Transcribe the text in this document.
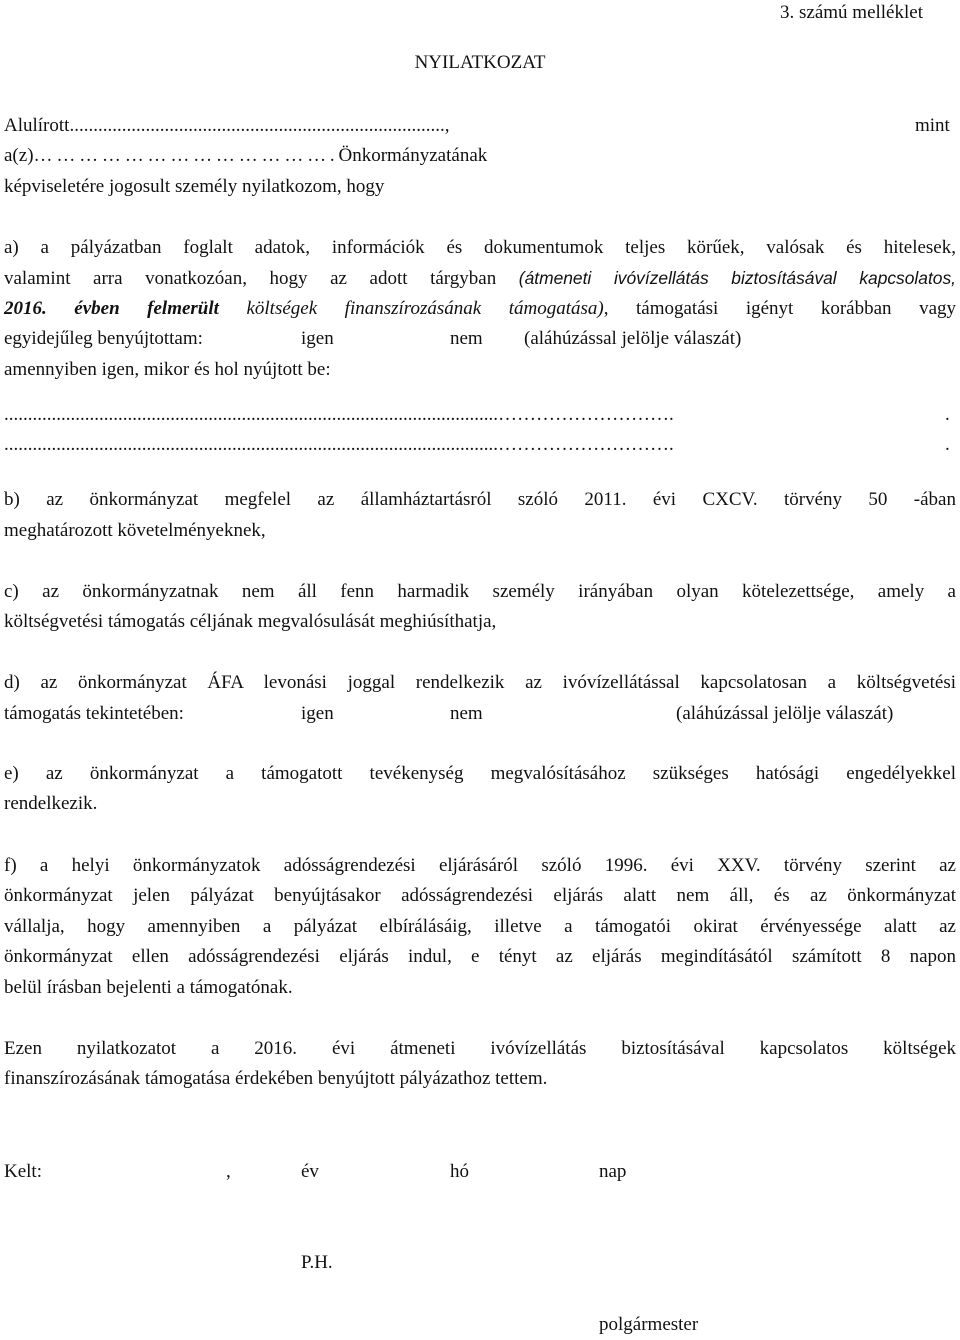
3. számú melléklet
NYILATKOZAT
Alulírott...............................................................................,	mint
a(z)………………………………….Önkormányzatának
képviseletére jogosult személy nyilatkozom, hogy
a) a pályázatban foglalt adatok, információk és dokumentumok teljes körűek, valósak és hitelesek,
valamint arra vonatkozóan, hogy az adott tárgyban (átmeneti ivóvízellátás biztosításával kapcsolatos,
2016. évben felmerült költségek finanszírozásának támogatása), támogatási igényt korábban vagy
egyidejűleg benyújtottam:	igen	nem (aláhúzással jelölje válaszát)
amennyiben igen, mikor és hol nyújtott be:
........................................................................................................……………………….	.
........................................................................................................……………………….	.
b) az önkormányzat megfelel az államháztartásról szóló 2011. évi CXCV. törvény 50 -ában
meghatározott követelményeknek,
c) az önkormányzatnak nem áll fenn harmadik személy irányában olyan kötelezettsége, amely a
költségvetési támogatás céljának megvalósulását meghiúsíthatja,
d) az önkormányzat ÁFA levonási joggal rendelkezik az ivóvízellátással kapcsolatosan a költségvetési
támogatás tekintetében:	igen	nem	(aláhúzással jelölje válaszát)
e) az önkormányzat a támogatott tevékenység megvalósításához szükséges hatósági engedélyekkel
rendelkezik.
f) a helyi önkormányzatok adósságrendezési eljárásáról szóló 1996. évi XXV. törvény szerint az
önkormányzat jelen pályázat benyújtásakor adósságrendezési eljárás alatt nem áll, és az önkormányzat
vállalja, hogy amennyiben a pályázat elbírálásáig, illetve a támogatói okirat érvényessége alatt az
önkormányzat ellen adósságrendezési eljárás indul, e tényt az eljárás megindításától számított 8 napon
belül írásban bejelenti a támogatónak.
Ezen nyilatkozatot a 2016. évi átmeneti ivóvízellátás biztosításával kapcsolatos költségek
finanszírozásának támogatása érdekében benyújtott pályázathoz tettem.
Kelt:	,	év	hó	nap
P.H.
polgármester
